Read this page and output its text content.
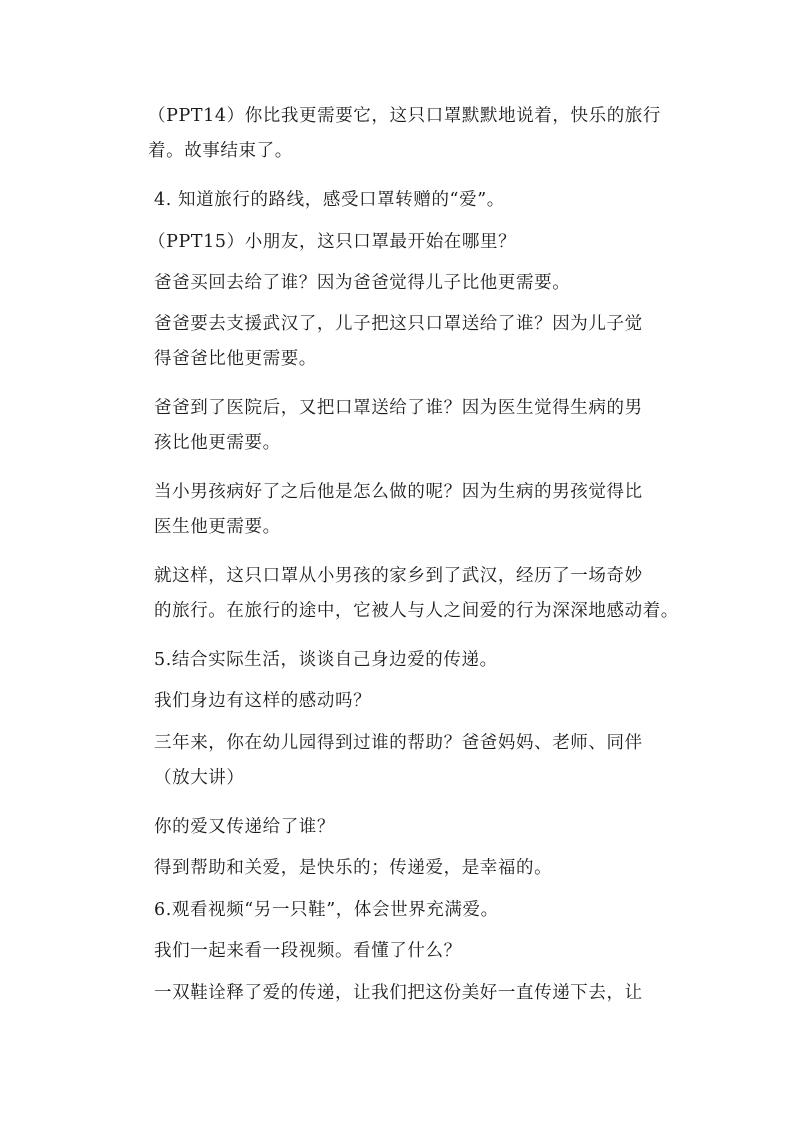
（PPT14）你比我更需要它，这只口罩默默地说着，快乐的旅行
着。故事结束了。

4. 知道旅行的路线，感受口罩转赠的“爱”。

（PPT15）小朋友，这只口罩最开始在哪里？

爸爸买回去给了谁？因为爸爸觉得儿子比他更需要。

爸爸要去支援武汉了，儿子把这只口罩送给了谁？因为儿子觉
得爸爸比他更需要。

爸爸到了医院后，又把口罩送给了谁？因为医生觉得生病的男
孩比他更需要。

当小男孩病好了之后他是怎么做的呢？因为生病的男孩觉得比
医生他更需要。

就这样，这只口罩从小男孩的家乡到了武汉，经历了一场奇妙
的旅行。在旅行的途中，它被人与人之间爱的行为深深地感动着。

5.结合实际生活，谈谈自己身边爱的传递。

我们身边有这样的感动吗？

三年来，你在幼儿园得到过谁的帮助？爸爸妈妈、老师、同伴
（放大讲）

你的爱又传递给了谁？

得到帮助和关爱，是快乐的；传递爱，是幸福的。

6.观看视频“另一只鞋”，体会世界充满爱。

我们一起来看一段视频。看懂了什么？

一双鞋诠释了爱的传递，让我们把这份美好一直传递下去，让
